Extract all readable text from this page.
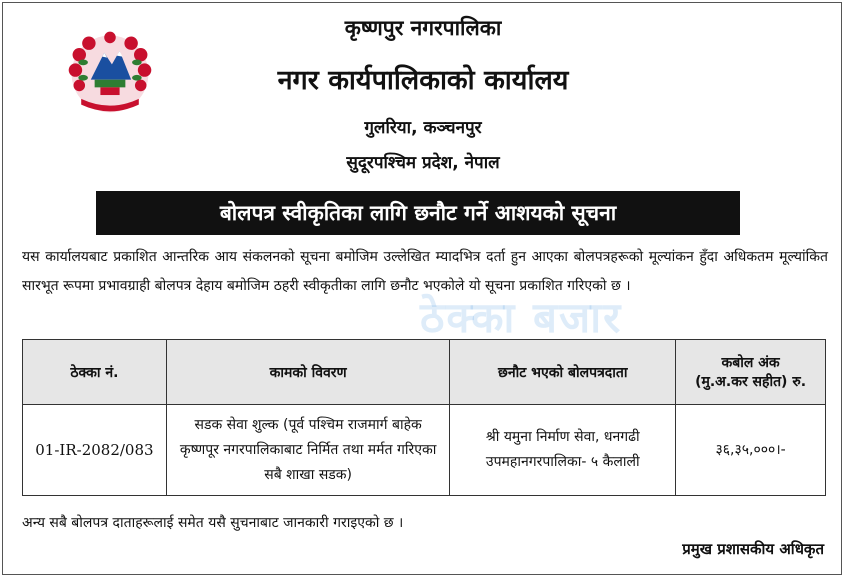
कृष्णपुर नगरपालिका
नगर कार्यपालिकाको कार्यालय
गुलरिया, कञ्चनपुर
सुदूरपश्चिम प्रदेश, नेपाल
बोलपत्र स्वीकृतिका लागि छनौट गर्ने आशयको सूचना
ठेक्का बजार
यस कार्यालयबाट प्रकाशित आन्तरिक आय संकलनको सूचना बमोजिम उल्लेखित म्यादभित्र दर्ता हुन आएका बोलपत्रहरूको मूल्यांकन हुँदा अधिकतम मूल्यांकित सारभूत रूपमा प्रभावग्राही बोलपत्र देहाय बमोजिम ठहरी स्वीकृतीका लागि छनौट भएकोले यो सूचना प्रकाशित गरिएको छ ।
ठेक्का नं.	कामको विवरण	छनौट भएको बोलपत्रदाता	कबोल अंक
(मु.अ.कर सहीत) रु.

01-IR-2082/083	सडक सेवा शुल्क (पूर्व पश्चिम राजमार्ग बाहेक कृष्णपूर नगरपालिकाबाट निर्मित तथा मर्मत गरिएका सबै शाखा सडक)	श्री यमुना निर्माण सेवा, धनगढी उपमहानगरपालिका- ५ कैलाली	३६,३५,०००।-
अन्य सबै बोलपत्र दाताहरूलाई समेत यसै सुचनाबाट जानकारी गराइएको छ ।
प्रमुख प्रशासकीय अधिकृत
